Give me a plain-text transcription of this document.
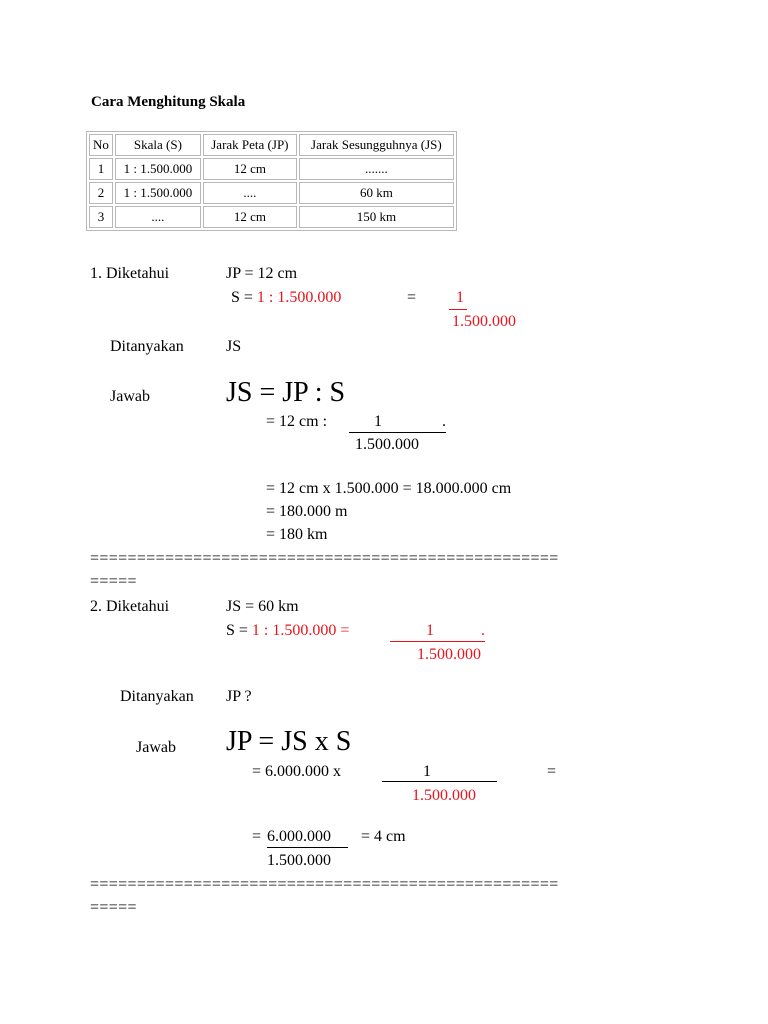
Cara Menghitung Skala
No	Skala (S)	Jarak Peta (JP)	Jarak Sesungguhnya (JS)
1	1 : 1.500.000	12 cm	.......
2	1 : 1.500.000	....	60 km
3	....	12 cm	150 km
1. Diketahui	JP = 12 cm
S = 1 : 1.500.000	= 1
1.500.000
Ditanyakan	JS
Jawab	JS = JP : S
= 12 cm :	1	.
1.500.000
= 12 cm x 1.500.000 = 18.000.000 cm
= 180.000 m
= 180 km
==================================================
=====
2. Diketahui	JS = 60 km
S = 1 : 1.500.000 =	1	.
1.500.000
Ditanyakan JP ?
Jawab JP = JS x S
= 6.000.000 x	1
1.500.000
=
= 6.000.000 = 4 cm
1.500.000
==================================================
=====
